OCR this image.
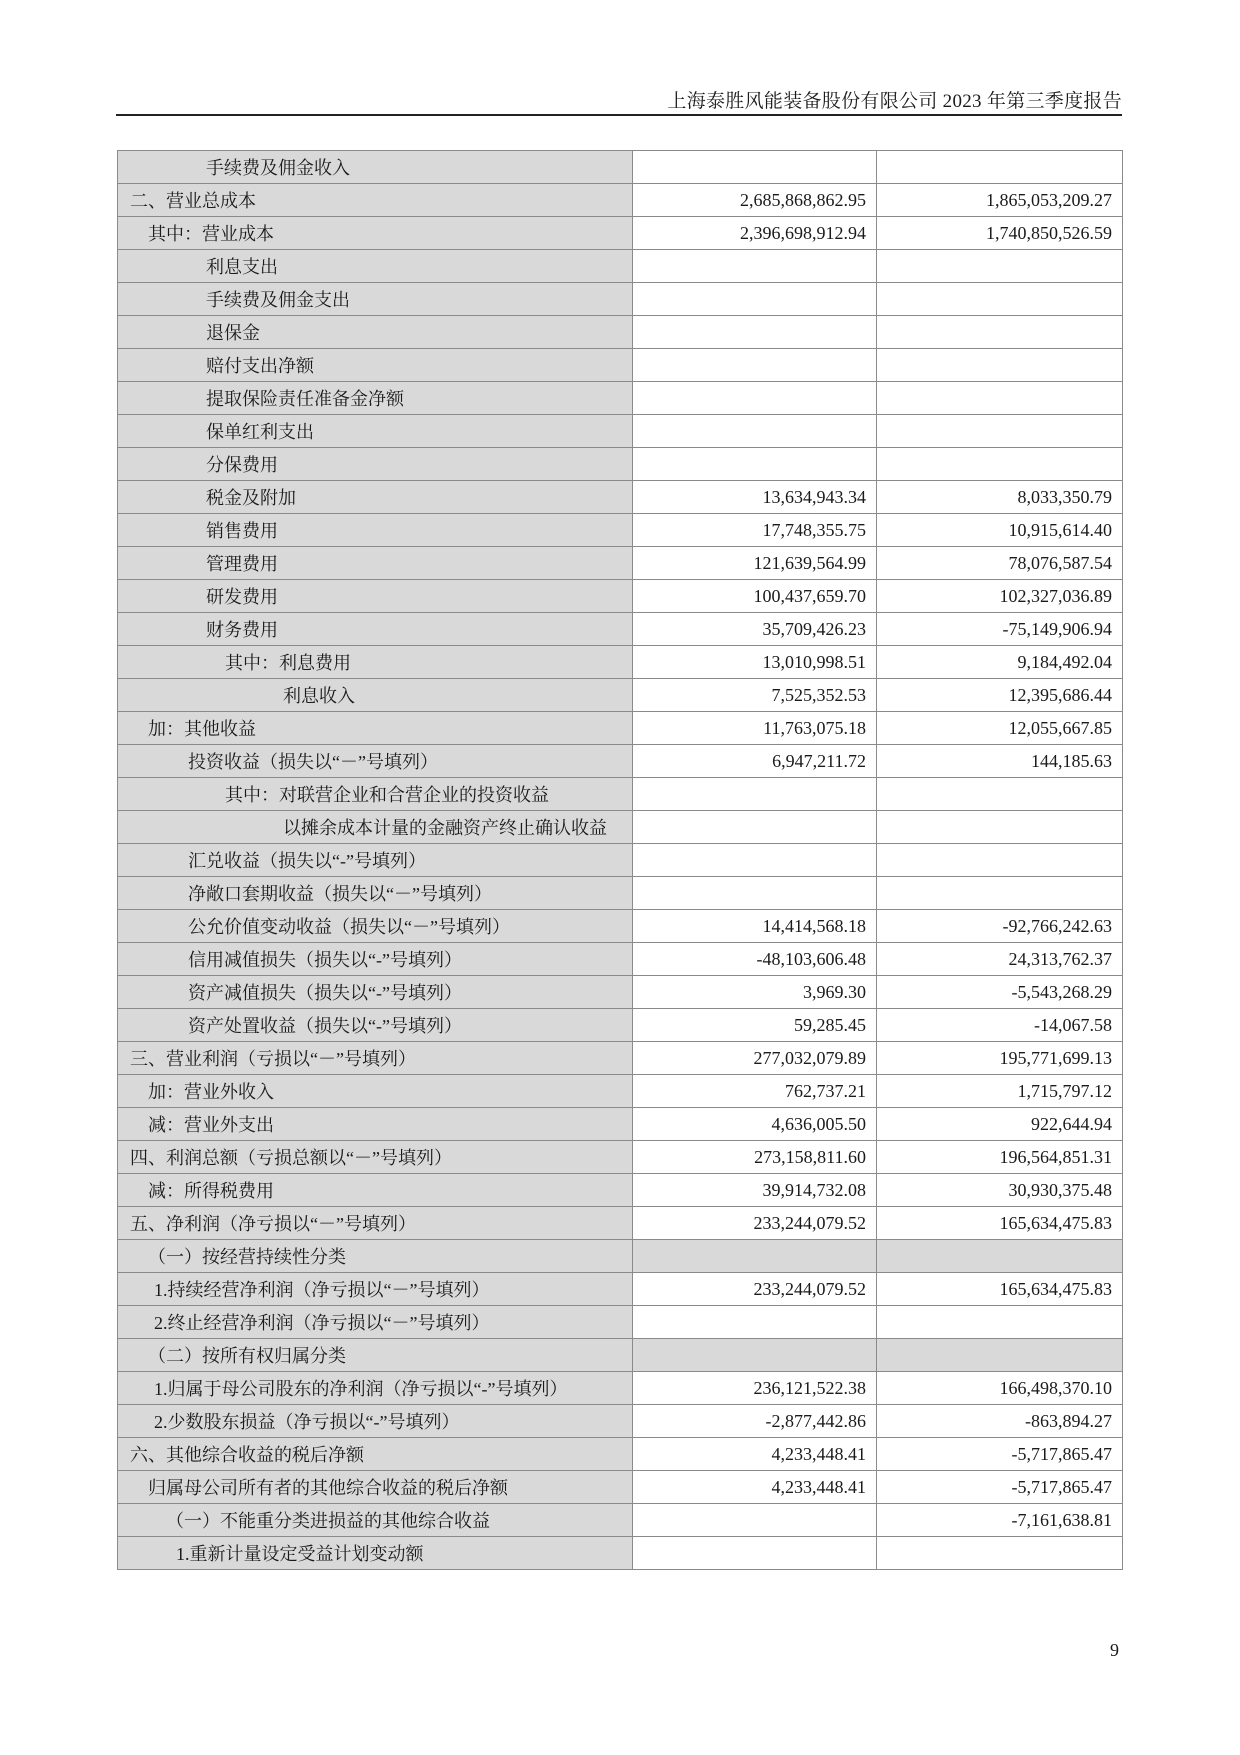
上海泰胜风能装备股份有限公司 2023 年第三季度报告
手续费及佣金收入		
二、营业总成本	2,685,868,862.95	1,865,053,209.27
其中：营业成本	2,396,698,912.94	1,740,850,526.59
利息支出		
手续费及佣金支出		
退保金		
赔付支出净额		
提取保险责任准备金净额		
保单红利支出		
分保费用		
税金及附加	13,634,943.34	8,033,350.79
销售费用	17,748,355.75	10,915,614.40
管理费用	121,639,564.99	78,076,587.54
研发费用	100,437,659.70	102,327,036.89
财务费用	35,709,426.23	-75,149,906.94
其中：利息费用	13,010,998.51	9,184,492.04
利息收入	7,525,352.53	12,395,686.44
加：其他收益	11,763,075.18	12,055,667.85
投资收益（损失以“－”号填列）	6,947,211.72	144,185.63
其中：对联营企业和合营企业的投资收益		
以摊余成本计量的金融资产终止确认收益		
汇兑收益（损失以“-”号填列）		
净敞口套期收益（损失以“－”号填列）		
公允价值变动收益（损失以“－”号填列）	14,414,568.18	-92,766,242.63
信用减值损失（损失以“-”号填列）	-48,103,606.48	24,313,762.37
资产减值损失（损失以“-”号填列）	3,969.30	-5,543,268.29
资产处置收益（损失以“-”号填列）	59,285.45	-14,067.58
三、营业利润（亏损以“－”号填列）	277,032,079.89	195,771,699.13
加：营业外收入	762,737.21	1,715,797.12
减：营业外支出	4,636,005.50	922,644.94
四、利润总额（亏损总额以“－”号填列）	273,158,811.60	196,564,851.31
减：所得税费用	39,914,732.08	30,930,375.48
五、净利润（净亏损以“－”号填列）	233,244,079.52	165,634,475.83
（一）按经营持续性分类		
1.持续经营净利润（净亏损以“－”号填列）	233,244,079.52	165,634,475.83
2.终止经营净利润（净亏损以“－”号填列）		
（二）按所有权归属分类		
1.归属于母公司股东的净利润（净亏损以“-”号填列）	236,121,522.38	166,498,370.10
2.少数股东损益（净亏损以“-”号填列）	-2,877,442.86	-863,894.27
六、其他综合收益的税后净额	4,233,448.41	-5,717,865.47
归属母公司所有者的其他综合收益的税后净额	4,233,448.41	-5,717,865.47
（一）不能重分类进损益的其他综合收益		-7,161,638.81
1.重新计量设定受益计划变动额		
9
